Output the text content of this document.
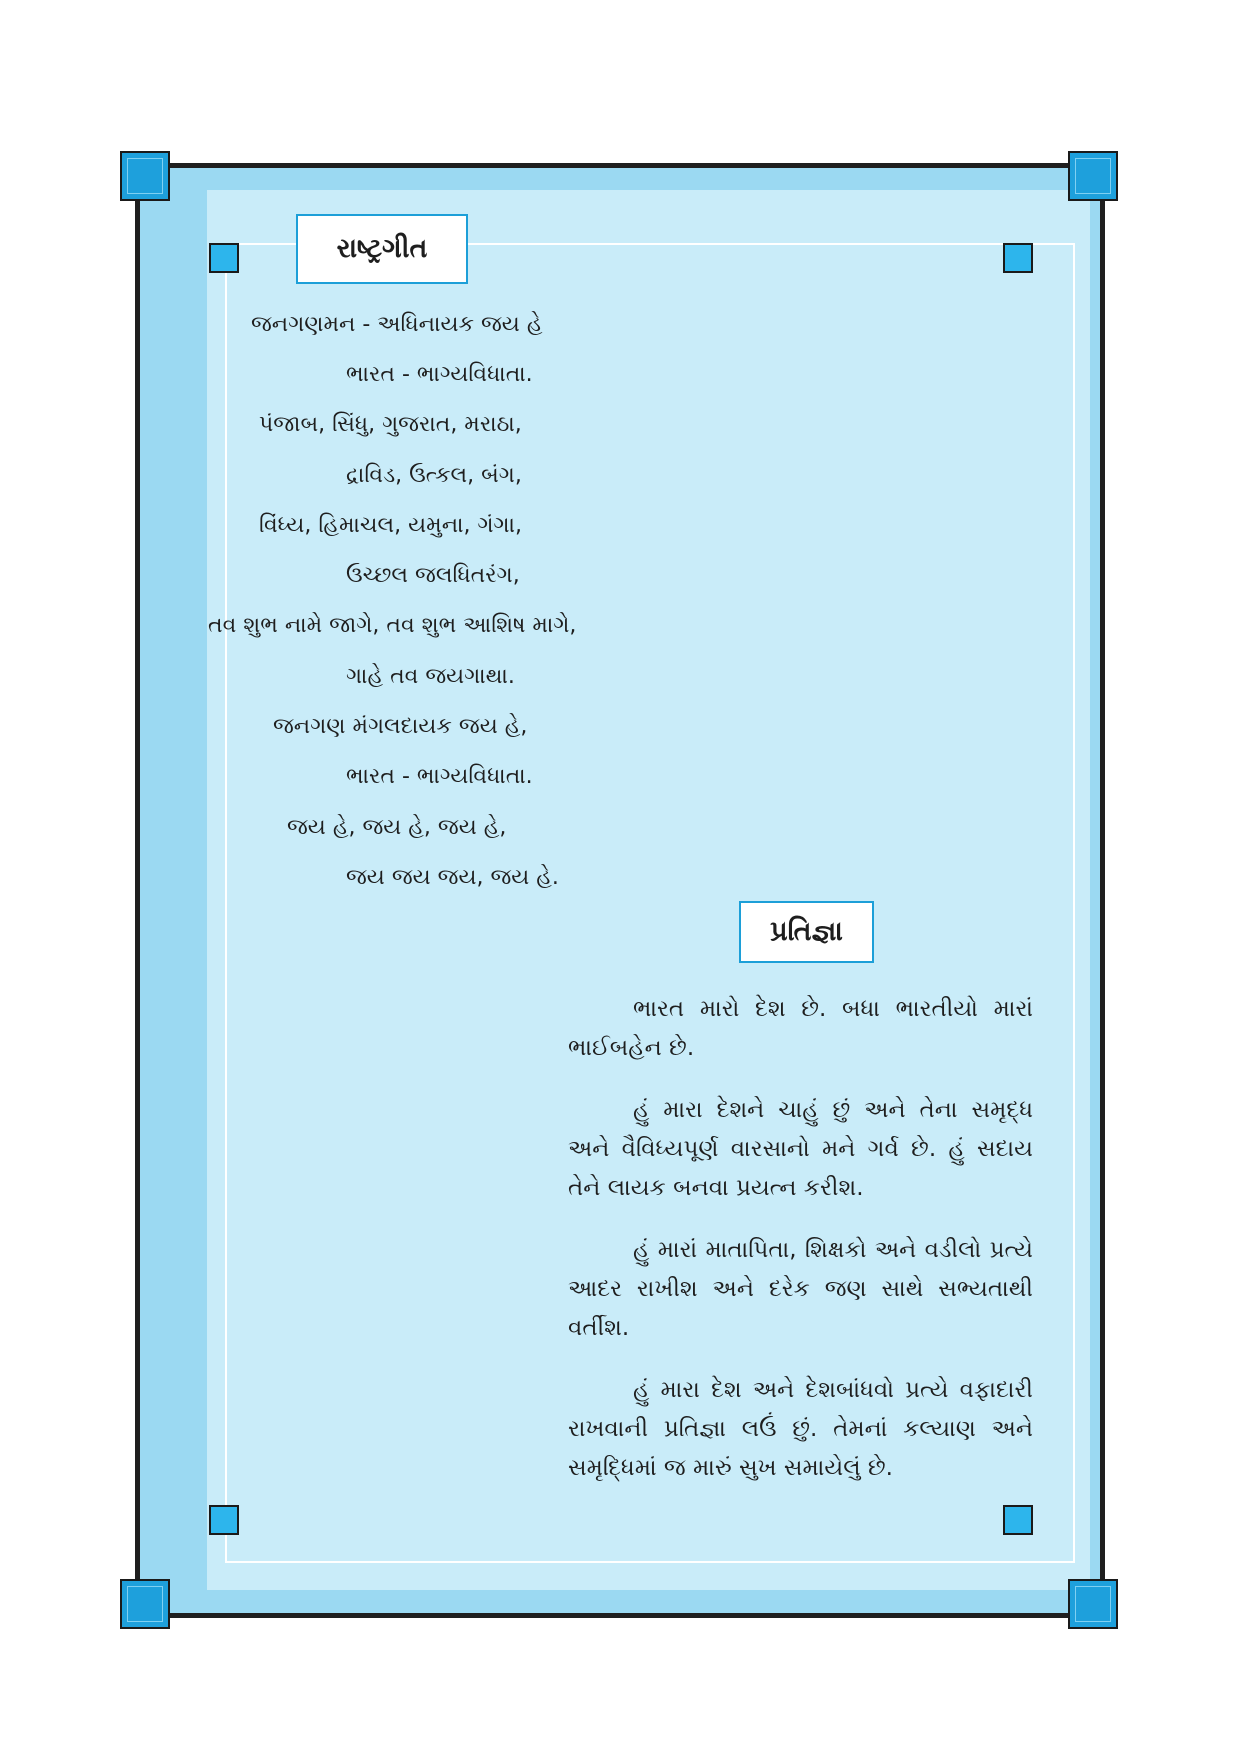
રાષ્ટ્રગીત
જનગણમન - અધિનાયક જય હે
ભારત - ભાગ્યવિધાતા.
પંજાબ, સિંધુ, ગુજરાત, મરાઠા,
દ્રાવિડ, ઉત્કલ, બંગ,
વિંધ્ય, હિમાચલ, યમુના, ગંગા,
ઉચ્છલ જલધિતરંગ,
તવ શુભ નામે જાગે, તવ શુભ આશિષ માગે,
ગાહે તવ જયગાથા.
જનગણ મંગલદાયક જય હે,
ભારત - ભાગ્યવિધાતા.
જય હે, જય હે, જય હે,
જય જય જય, જય હે.
પ્રતિજ્ઞા

ભારત મારો દેશ છે. બધા ભારતીયો મારાં ભાઈબહેન છે.

હું મારા દેશને ચાહું છું અને તેના સમૃદ્ધ અને વૈવિધ્યપૂર્ણ વારસાનો મને ગર્વ છે. હું સદાય તેને લાયક બનવા પ્રયત્ન કરીશ.

હું મારાં માતાપિતા, શિક્ષકો અને વડીલો પ્રત્યે આદર રાખીશ અને દરેક જણ સાથે સભ્યતાથી વર્તીશ.

હું મારા દેશ અને દેશબાંધવો પ્રત્યે વફાદારી રાખવાની પ્રતિજ્ઞા લઉં છું. તેમનાં કલ્યાણ અને સમૃદ્ધિમાં જ મારું સુખ સમાયેલું છે.
